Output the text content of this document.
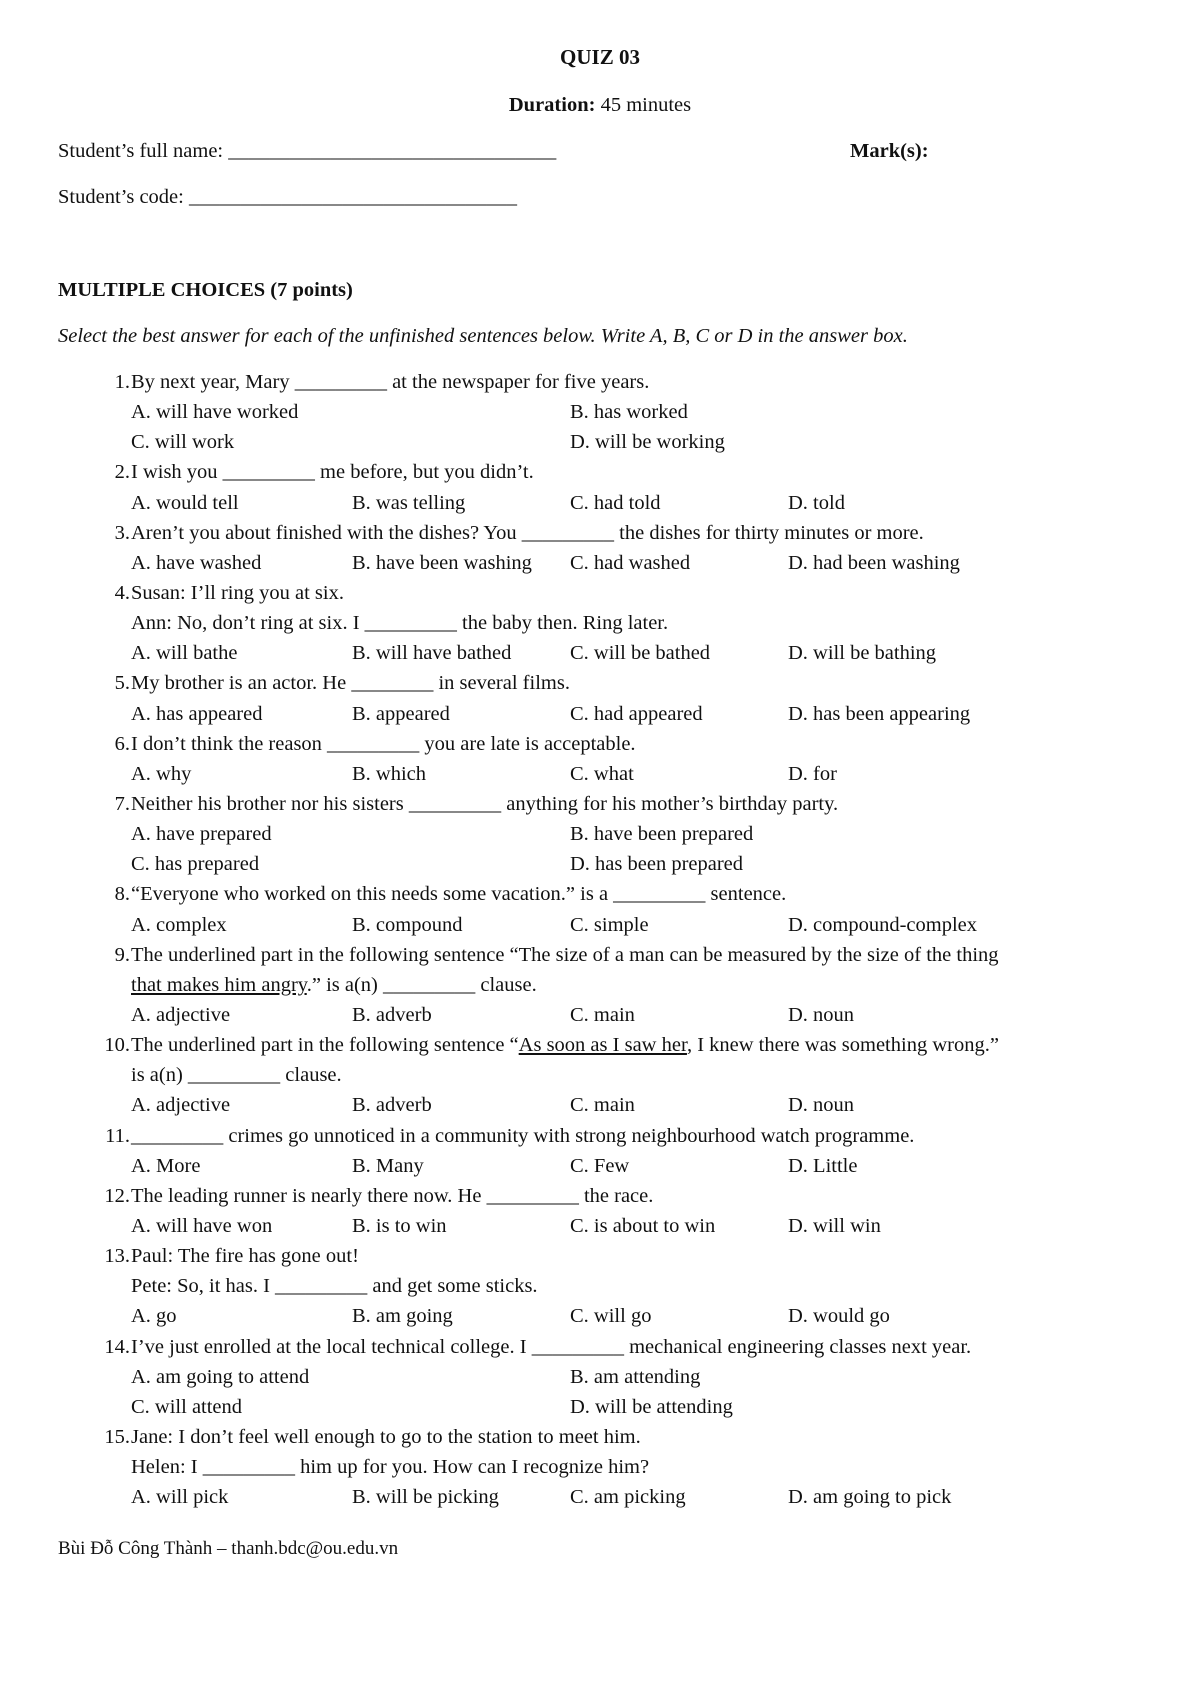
QUIZ 03
Duration: 45 minutes
Student’s full name: ________________________________	Mark(s):
Student’s code: ________________________________
MULTIPLE CHOICES (7 points)
Select the best answer for each of the unfinished sentences below. Write A, B, C or D in the answer box.
1. By next year, Mary _________ at the newspaper for five years.
A. will have worked	B. has worked
C. will work	D. will be working
2. I wish you _________ me before, but you didn’t.
A. would tell	B. was telling	C. had told	D. told
3. Aren’t you about finished with the dishes? You _________ the dishes for thirty minutes or more.
A. have washed	B. have been washing C. had washed	D. had been washing
4. Susan: I’ll ring you at six.
Ann: No, don’t ring at six. I _________ the baby then. Ring later.
A. will bathe	B. will have bathed	C. will be bathed	D. will be bathing
5. My brother is an actor. He ________ in several films.
A. has appeared	B. appeared	C. had appeared	D. has been appearing
6. I don’t think the reason _________ you are late is acceptable.
A. why	B. which	C. what	D. for
7. Neither his brother nor his sisters _________ anything for his mother’s birthday party.
A. have prepared	B. have been prepared
C. has prepared	D. has been prepared
8. “Everyone who worked on this needs some vacation.” is a _________ sentence.
A. complex	B. compound	C. simple	D. compound-complex
9. The underlined part in the following sentence “The size of a man can be measured by the size of the thing
that makes him angry.” is a(n) _________ clause.
A. adjective	B. adverb	C. main	D. noun
10. The underlined part in the following sentence “As soon as I saw her, I knew there was something wrong.”
is a(n) _________ clause.
A. adjective	B. adverb	C. main	D. noun
11. _________ crimes go unnoticed in a community with strong neighbourhood watch programme.
A. More	B. Many	C. Few	D. Little
12. The leading runner is nearly there now. He _________ the race.
A. will have won	B. is to win	C. is about to win	D. will win
13. Paul: The fire has gone out!
Pete: So, it has. I _________ and get some sticks.
A. go	B. am going	C. will go	D. would go
14. I’ve just enrolled at the local technical college. I _________ mechanical engineering classes next year.
A. am going to attend	B. am attending
C. will attend	D. will be attending
15. Jane: I don’t feel well enough to go to the station to meet him.
Helen: I _________ him up for you. How can I recognize him?
A. will pick	B. will be picking	C. am picking	D. am going to pick
Bùi Đỗ Công Thành – thanh.bdc@ou.edu.vn
